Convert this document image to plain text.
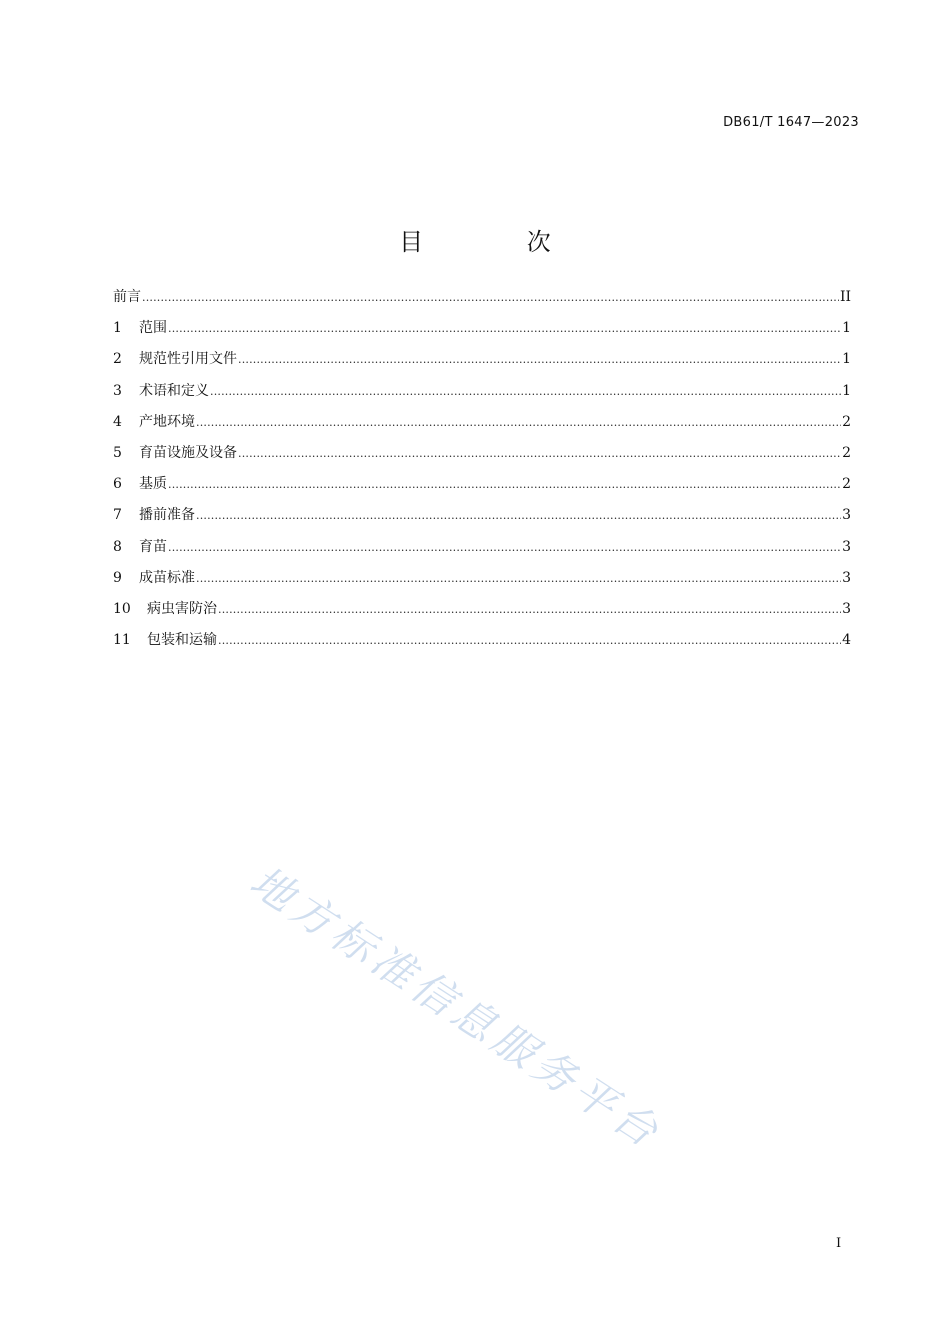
DB61/T 1647—2023
目 次
前言 .....	II
1	范围 .....	1
2	规范性引用文件 .....	1
3	术语和定义 .....	1
4	产地环境 .....	2
5	育苗设施及设备 .....	2
6	基质 .....	2
7	播前准备 .....	3
8	育苗 .....	3
9	成苗标准 .....	3
10	病虫害防治 .....	3
11	包装和运输 .....	4
地方标准信息服务平台
I
